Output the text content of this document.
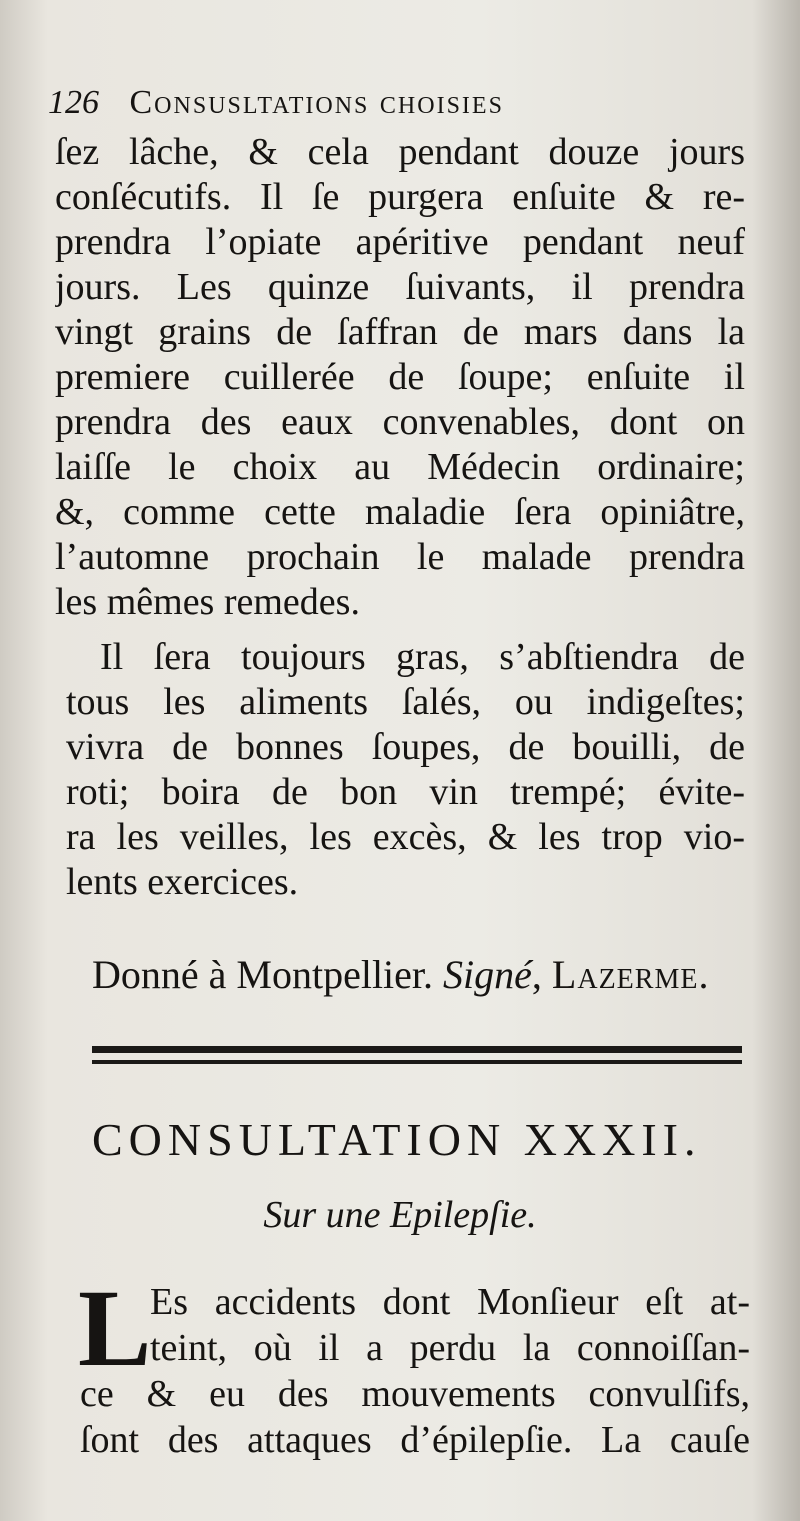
126 Consusltations choisies
ſez lâche, & cela pendant douze jours
conſécutifs. Il ſe purgera enſuite & re-
prendra l’opiate apéritive pendant neuf
jours. Les quinze ſuivants, il prendra
vingt grains de ſaffran de mars dans la
premiere cuillerée de ſoupe; enſuite il
prendra des eaux convenables, dont on
laiſſe le choix au Médecin ordinaire;
&, comme cette maladie ſera opiniâtre,
l’automne prochain le malade prendra
les mêmes remedes.
Il ſera toujours gras, s’abſtiendra de
tous les aliments ſalés, ou indigeſtes;
vivra de bonnes ſoupes, de bouilli, de
roti; boira de bon vin trempé; évite-
ra les veilles, les excès, & les trop vio-
lents exercices.
Donné à Montpellier. Signé, Lazerme.
CONSULTATION XXXII.
Sur une Epilepſie.
L
Es accidents dont Monſieur eſt at-
teint, où il a perdu la connoiſſan-
ce & eu des mouvements convulſifs,
ſont des attaques d’épilepſie. La cauſe
